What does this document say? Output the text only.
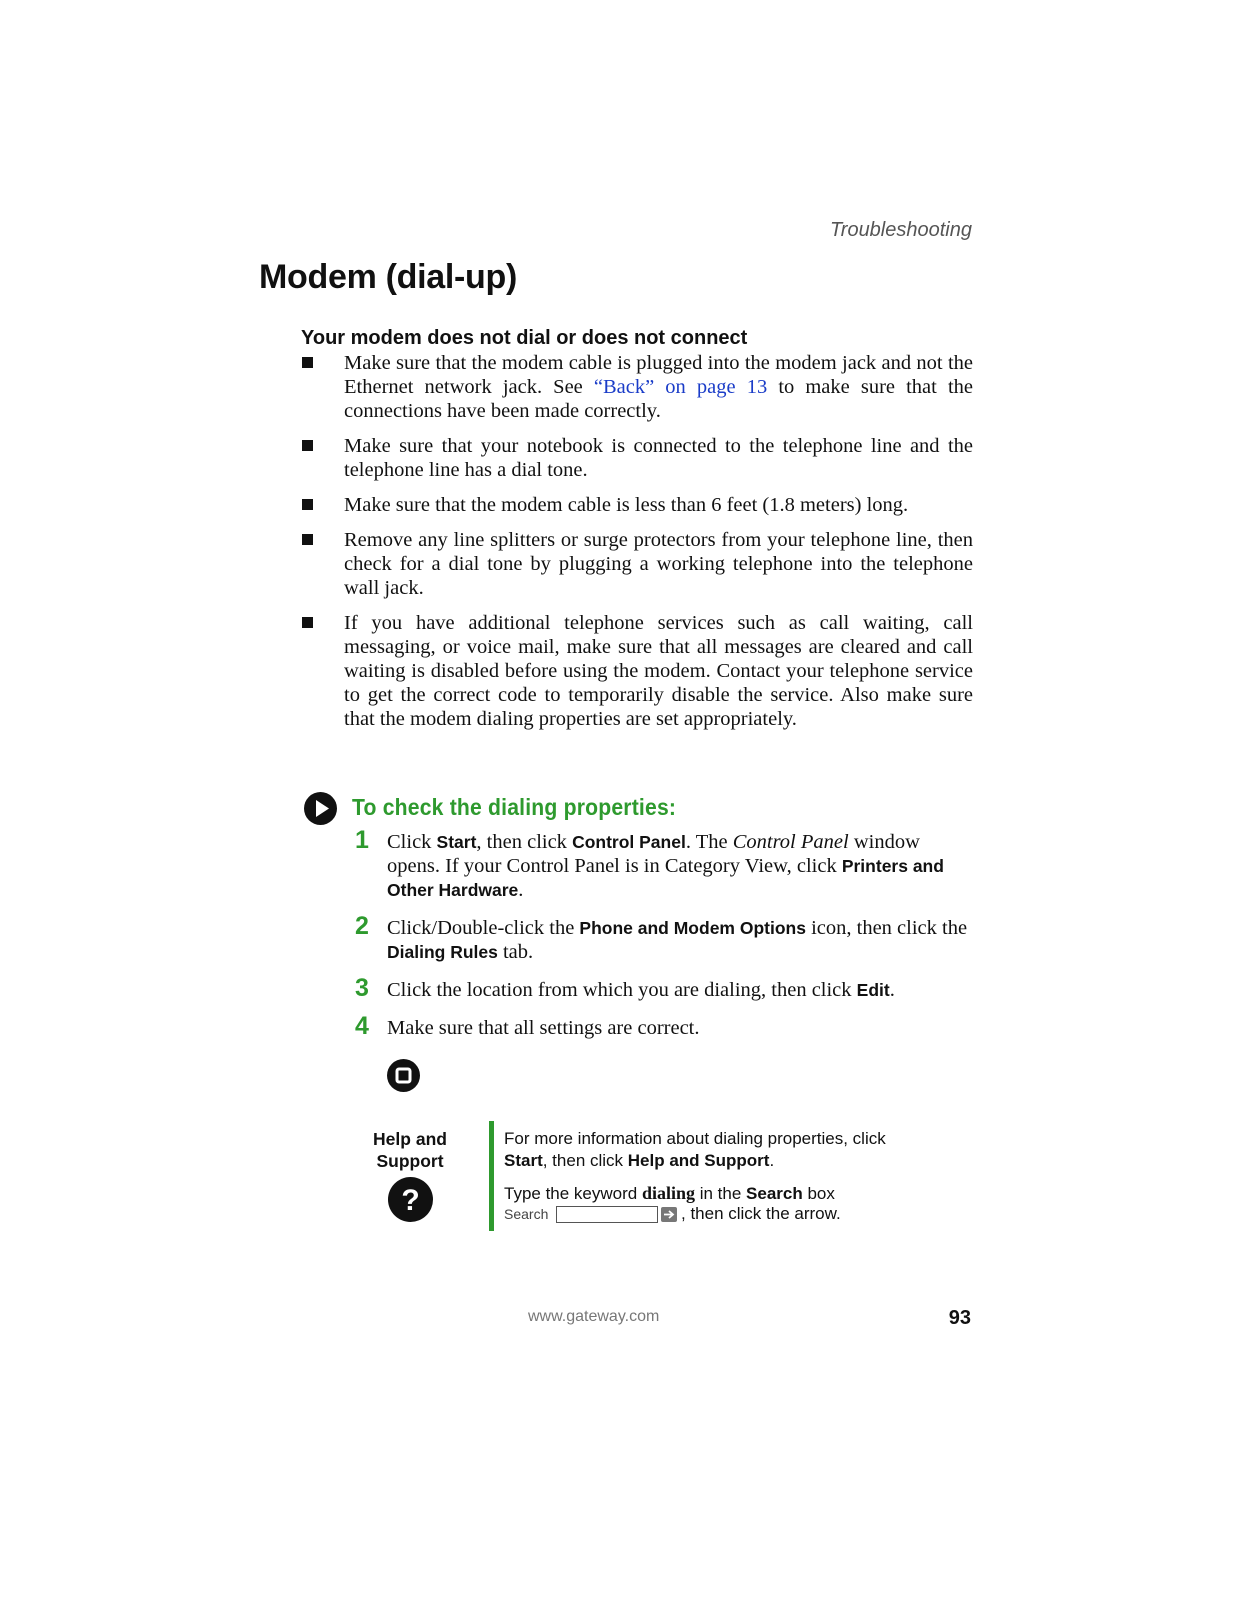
Troubleshooting
Modem (dial-up)
Your modem does not dial or does not connect
Make sure that the modem cable is plugged into the modem jack and not the Ethernet network jack. See “Back” on page 13 to make sure that the connections have been made correctly.
Make sure that your notebook is connected to the telephone line and the telephone line has a dial tone.
Make sure that the modem cable is less than 6 feet (1.8 meters) long.
Remove any line splitters or surge protectors from your telephone line, then check for a dial tone by plugging a working telephone into the telephone wall jack.
If you have additional telephone services such as call waiting, call messaging, or voice mail, make sure that all messages are cleared and call waiting is disabled before using the modem. Contact your telephone service to get the correct code to temporarily disable the service. Also make sure that the modem dialing properties are set appropriately.
To check the dialing properties:
1 Click Start, then click Control Panel. The Control Panel window opens. If your Control Panel is in Category View, click Printers and Other Hardware.
2 Click/Double-click the Phone and Modem Options icon, then click the Dialing Rules tab.
3 Click the location from which you are dialing, then click Edit.
4 Make sure that all settings are correct.
Help and Support
?

For more information about dialing properties, click Start, then click Help and Support.

Type the keyword dialing in the Search box

Search	, then click the arrow.
www.gateway.com	93
